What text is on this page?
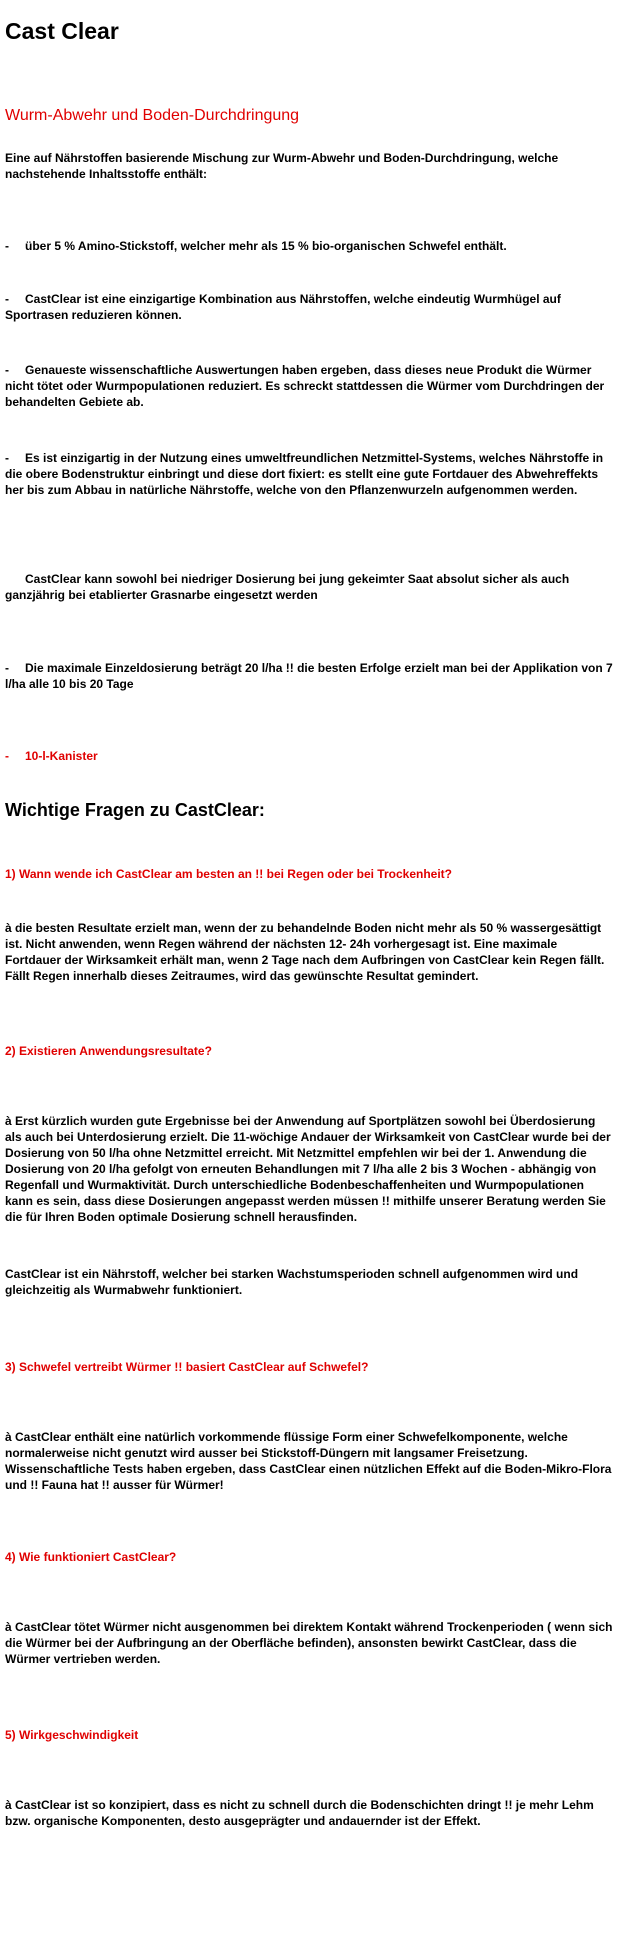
Cast Clear
Wurm-Abwehr und Boden-Durchdringung
Eine auf Nährstoffen basierende Mischung zur Wurm-Abwehr und Boden-Durchdringung, welche nachstehende Inhaltsstoffe enthält:
- über 5 % Amino-Stickstoff, welcher mehr als 15 % bio-organischen Schwefel enthält.
- CastClear ist eine einzigartige Kombination aus Nährstoffen, welche eindeutig Wurmhügel auf Sportrasen reduzieren können.
- Genaueste wissenschaftliche Auswertungen haben ergeben, dass dieses neue Produkt die Würmer nicht tötet oder Wurmpopulationen reduziert. Es schreckt stattdessen die Würmer vom Durchdringen der behandelten Gebiete ab.
- Es ist einzigartig in der Nutzung eines umweltfreundlichen Netzmittel-Systems, welches Nährstoffe in die obere Bodenstruktur einbringt und diese dort fixiert: es stellt eine gute Fortdauer des Abwehreffekts her bis zum Abbau in natürliche Nährstoffe, welche von den Pflanzenwurzeln aufgenommen werden.
CastClear kann sowohl bei niedriger Dosierung bei jung gekeimter Saat absolut sicher als auch ganzjährig bei etablierter Grasnarbe eingesetzt werden
- Die maximale Einzeldosierung beträgt 20 l/ha !! die besten Erfolge erzielt man bei der Applikation von 7 l/ha alle 10 bis 20 Tage
- 10-l-Kanister
Wichtige Fragen zu CastClear:
1) Wann wende ich CastClear am besten an !! bei Regen oder bei Trockenheit?
à die besten Resultate erzielt man, wenn der zu behandelnde Boden nicht mehr als 50 % wassergesättigt ist. Nicht anwenden, wenn Regen während der nächsten 12- 24h vorhergesagt ist. Eine maximale Fortdauer der Wirksamkeit erhält man, wenn 2 Tage nach dem Aufbringen von CastClear kein Regen fällt. Fällt Regen innerhalb dieses Zeitraumes, wird das gewünschte Resultat gemindert.
2) Existieren Anwendungsresultate?
à Erst kürzlich wurden gute Ergebnisse bei der Anwendung auf Sportplätzen sowohl bei Überdosierung als auch bei Unterdosierung erzielt. Die 11-wöchige Andauer der Wirksamkeit von CastClear wurde bei der Dosierung von 50 l/ha ohne Netzmittel erreicht. Mit Netzmittel empfehlen wir bei der 1. Anwendung die Dosierung von 20 l/ha gefolgt von erneuten Behandlungen mit 7 l/ha alle 2 bis 3 Wochen - abhängig von Regenfall und Wurmaktivität. Durch unterschiedliche Bodenbeschaffenheiten und Wurmpopulationen kann es sein, dass diese Dosierungen angepasst werden müssen !! mithilfe unserer Beratung werden Sie die für Ihren Boden optimale Dosierung schnell herausfinden.
CastClear ist ein Nährstoff, welcher bei starken Wachstumsperioden schnell aufgenommen wird und gleichzeitig als Wurmabwehr funktioniert.
3) Schwefel vertreibt Würmer !! basiert CastClear auf Schwefel?
à CastClear enthält eine natürlich vorkommende flüssige Form einer Schwefelkomponente, welche normalerweise nicht genutzt wird ausser bei Stickstoff-Düngern mit langsamer Freisetzung. Wissenschaftliche Tests haben ergeben, dass CastClear einen nützlichen Effekt auf die Boden-Mikro-Flora und !! Fauna hat !! ausser für Würmer!
4) Wie funktioniert CastClear?
à CastClear tötet Würmer nicht ausgenommen bei direktem Kontakt während Trockenperioden ( wenn sich die Würmer bei der Aufbringung an der Oberfläche befinden), ansonsten bewirkt CastClear, dass die Würmer vertrieben werden.
5) Wirkgeschwindigkeit
à CastClear ist so konzipiert, dass es nicht zu schnell durch die Bodenschichten dringt !! je mehr Lehm bzw. organische Komponenten, desto ausgeprägter und andauernder ist der Effekt.
